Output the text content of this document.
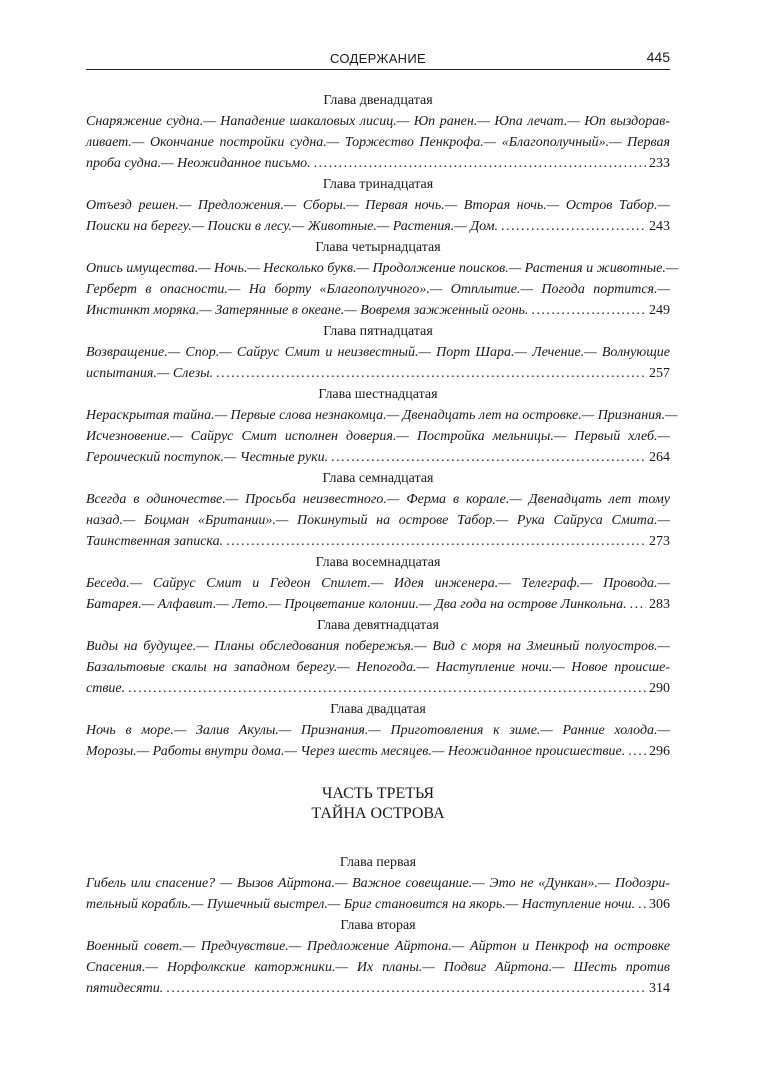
СОДЕРЖАНИЕ	445
Глава двенадцатая
Снаряжение судна.— Нападение шакаловых лисиц.— Юп ранен.— Юпа лечат.— Юп выздорав-
ливает.— Окончание постройки судна.— Торжество Пенкрофа.— «Благополучный».— Первая
проба судна.— Неожиданное письмо. . . .	233
Глава тринадцатая
Отъезд решен.— Предложения.— Сборы.— Первая ночь.— Вторая ночь.— Остров Табор.—
Поиски на берегу.— Поиски в лесу.— Животные.— Растения.— Дом. . . .	243
Глава четырнадцатая
Опись имущества.— Ночь.— Несколько букв.— Продолжение поисков.— Растения и животные.—
Герберт в опасности.— На борту «Благополучного».— Отплытие.— Погода портится.—
Инстинкт моряка.— Затерянные в океане.— Вовремя зажженный огонь. . . .	249
Глава пятнадцатая
Возвращение.— Спор.— Сайрус Смит и неизвестный.— Порт Шара.— Лечение.— Волнующие
испытания.— Слезы. . . .	257
Глава шестнадцатая
Нераскрытая тайна.— Первые слова незнакомца.— Двенадцать лет на островке.— Признания.—
Исчезновение.— Сайрус Смит исполнен доверия.— Постройка мельницы.— Первый хлеб.—
Героический поступок.— Честные руки. . . .	264
Глава семнадцатая
Всегда в одиночестве.— Просьба неизвестного.— Ферма в корале.— Двенадцать лет тому
назад.— Боцман «Британии».— Покинутый на острове Табор.— Рука Сайруса Смита.—
Таинственная записка. . . .	273
Глава восемнадцатая
Беседа.— Сайрус Смит и Гедеон Спилет.— Идея инженера.— Телеграф.— Провода.—
Батарея.— Алфавит.— Лето.— Процветание колонии.— Два года на острове Линкольна. . . . 283
Глава девятнадцатая
Виды на будущее.— Планы обследования побережья.— Вид с моря на Змеиный полуостров.—
Базальтовые скалы на западном берегу.— Непогода.— Наступление ночи.— Новое происше-
ствие. . . .	290
Глава двадцатая
Ночь в море.— Залив Акулы.— Признания.— Приготовления к зиме.— Ранние холода.—
Морозы.— Работы внутри дома.— Через шесть месяцев.— Неожиданное происшествие. . . . 296
ЧАСТЬ ТРЕТЬЯ
ТАЙНА ОСТРОВА
Глава первая
Гибель или спасение? — Вызов Айртона.— Важное совещание.— Это не «Дункан».— Подозри-
тельный корабль.— Пушечный выстрел.— Бриг становится на якорь.— Наступление ночи. . . . 306
Глава вторая
Военный совет.— Предчувствие.— Предложение Айртона.— Айртон и Пенкроф на островке
Спасения.— Норфолкские каторжники.— Их планы.— Подвиг Айртона.— Шесть против
пятидесяти. . . .	314
